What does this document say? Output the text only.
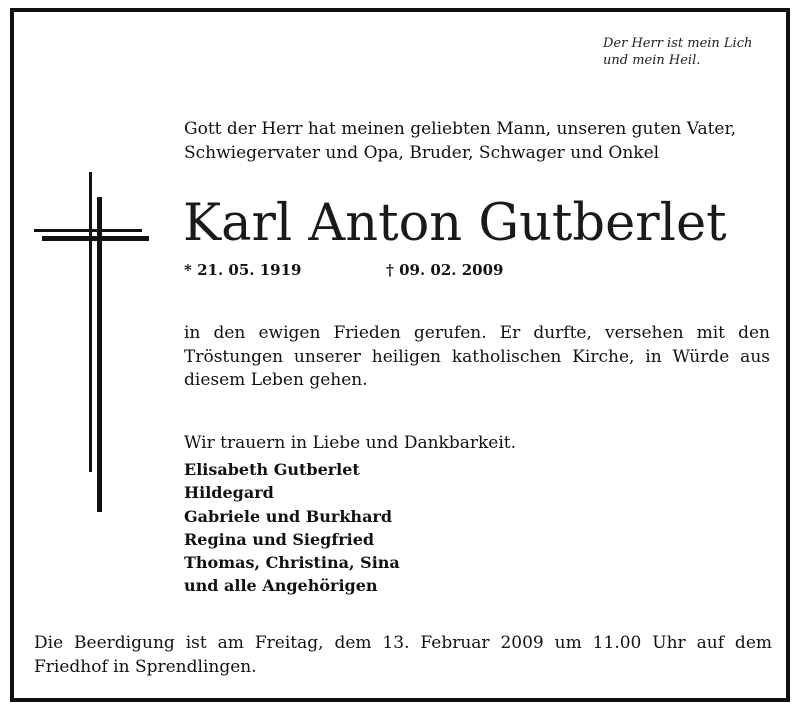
Der Herr ist mein Lich
und mein Heil.
Gott der Herr hat meinen geliebten Mann, unseren guten Vater,
Schwiegervater und Opa, Bruder, Schwager und Onkel
Karl Anton Gutberlet
* 21. 05. 1919	† 09. 02. 2009
in den ewigen Frieden gerufen. Er durfte, versehen mit den
Tröstungen unserer heiligen katholischen Kirche, in Würde aus
diesem Leben gehen.
Wir trauern in Liebe und Dankbarkeit.
Elisabeth Gutberlet
Hildegard
Gabriele und Burkhard
Regina und Siegfried
Thomas, Christina, Sina
und alle Angehörigen
Die Beerdigung ist am Freitag, dem 13. Februar 2009 um 11.00 Uhr auf dem
Friedhof in Sprendlingen.
